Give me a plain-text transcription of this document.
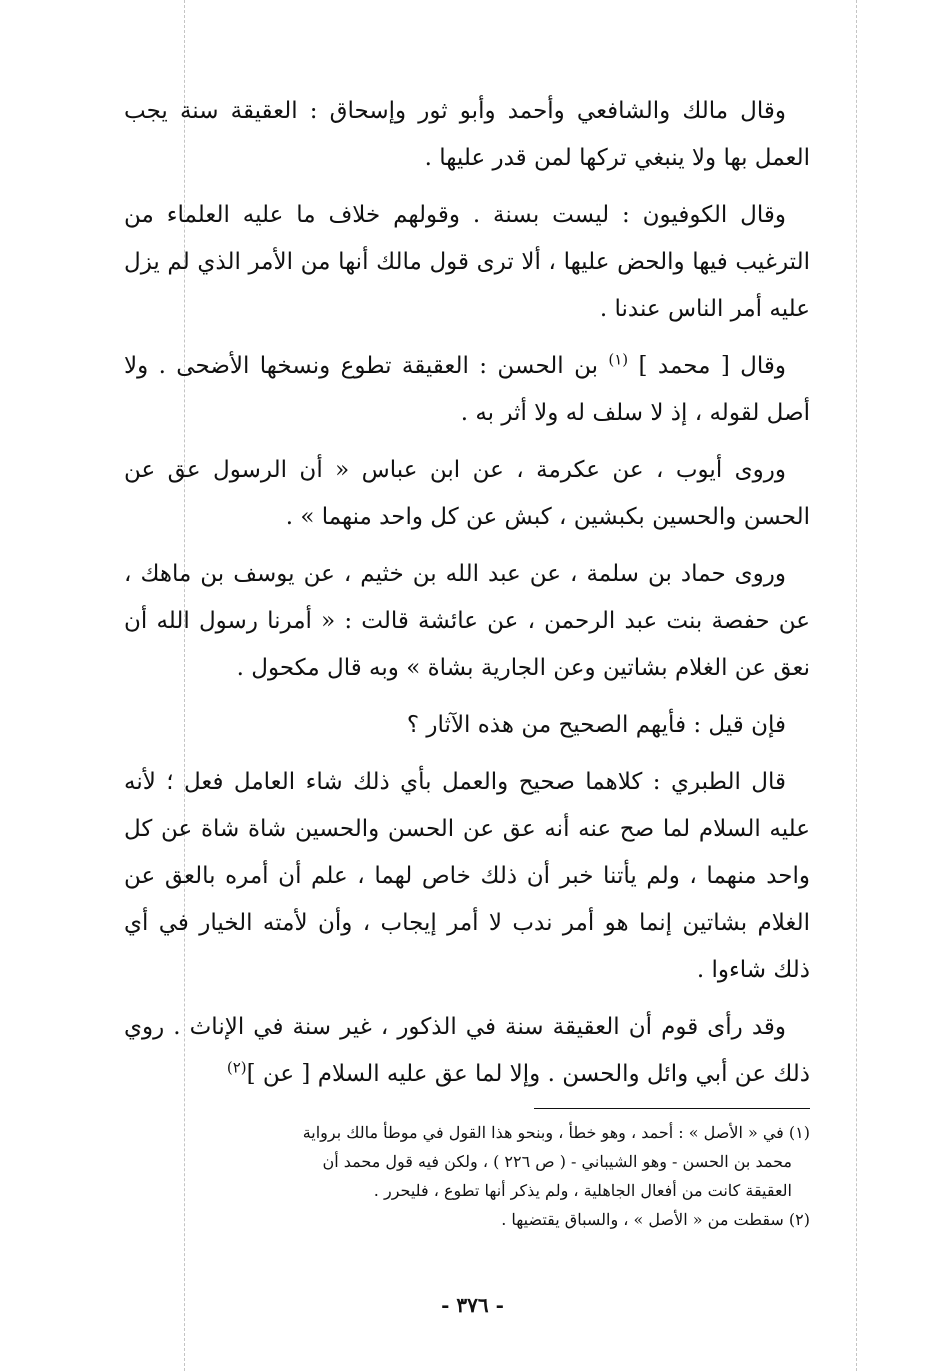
وقال مالك والشافعي وأحمد وأبو ثور وإسحاق : العقيقة سنة يجب العمل بها ولا ينبغي تركها لمن قدر عليها .

وقال الكوفيون : ليست بسنة . وقولهم خلاف ما عليه العلماء من الترغيب فيها والحض عليها ، ألا ترى قول مالك أنها من الأمر الذي لم يزل عليه أمر الناس عندنا .

وقال [ محمد ] $^{(١)}$ بن الحسن : العقيقة تطوع ونسخها الأضحى . ولا أصل لقوله ، إذ لا سلف له ولا أثر به .

وروى أيوب ، عن عكرمة ، عن ابن عباس « أن الرسول عق عن الحسن والحسين بكبشين ، كبش عن كل واحد منهما » .

وروى حماد بن سلمة ، عن عبد الله بن خثيم ، عن يوسف بن ماهك ، عن حفصة بنت عبد الرحمن ، عن عائشة قالت : « أمرنا رسول الله أن نعق عن الغلام بشاتين وعن الجارية بشاة » وبه قال مكحول .

فإن قيل : فأيهم الصحيح من هذه الآثار ؟

قال الطبري : كلاهما صحيح والعمل بأي ذلك شاء العامل فعل ؛ لأنه عليه السلام لما صح عنه أنه عق عن الحسن والحسين شاة شاة عن كل واحد منهما ، ولم يأتنا خبر أن ذلك خاص لهما ، علم أن أمره بالعق عن الغلام بشاتين إنما هو أمر ندب لا أمر إيجاب ، وأن لأمته الخيار في أي ذلك شاءوا .

وقد رأى قوم أن العقيقة سنة في الذكور ، غير سنة في الإناث . روي ذلك عن أبي وائل والحسن . وإلا لما عق عليه السلام [ عن ]$^{(٢)}$

(١) في « الأصل » : أحمد ، وهو خطأ ، وبنحو هذا القول في موطأ مالك برواية

محمد بن الحسن - وهو الشيباني - ( ص ٢٢٦ ) ، ولكن فيه قول محمد أن

العقيقة كانت من أفعال الجاهلية ، ولم يذكر أنها تطوع ، فليحرر .

(٢) سقطت من « الأصل » ، والسباق يقتضيها .

- ٣٧٦ -
